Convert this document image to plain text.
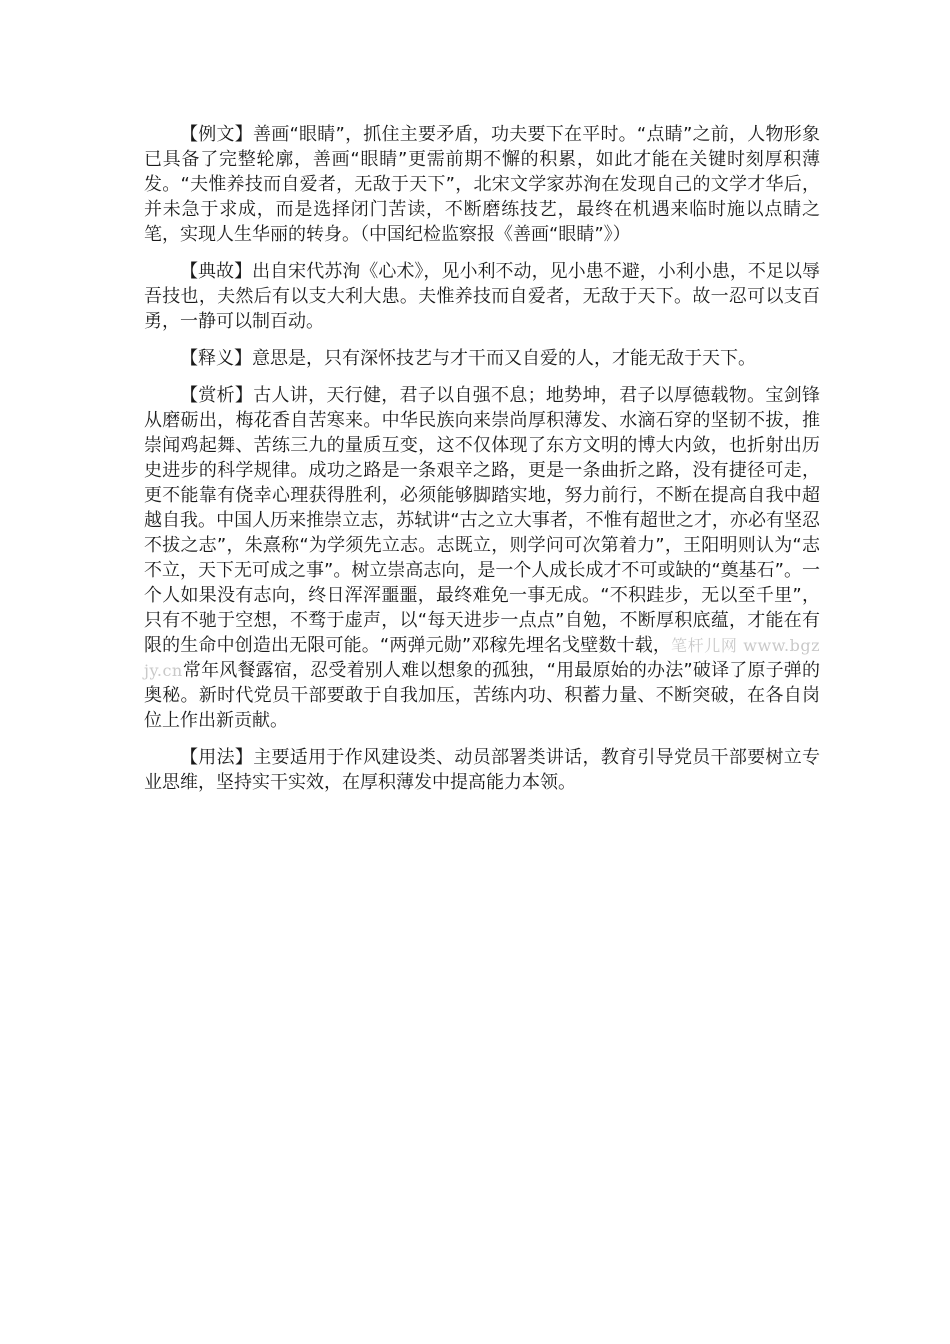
【例文】善画“眼睛”，抓住主要矛盾，功夫要下在平时。“点睛”之前，人物形象已具备了完整轮廓，善画“眼睛”更需前期不懈的积累，如此才能在关键时刻厚积薄发。“夫惟养技而自爱者，无敌于天下”，北宋文学家苏洵在发现自己的文学才华后，并未急于求成，而是选择闭门苦读，不断磨练技艺，最终在机遇来临时施以点睛之笔，实现人生华丽的转身。（中国纪检监察报《善画“眼睛”》）

【典故】出自宋代苏洵《心术》，见小利不动，见小患不避，小利小患，不足以辱吾技也，夫然后有以支大利大患。夫惟养技而自爱者，无敌于天下。故一忍可以支百勇，一静可以制百动。

【释义】意思是，只有深怀技艺与才干而又自爱的人，才能无敌于天下。

【赏析】古人讲，天行健，君子以自强不息；地势坤，君子以厚德载物。宝剑锋从磨砺出，梅花香自苦寒来。中华民族向来崇尚厚积薄发、水滴石穿的坚韧不拔，推崇闻鸡起舞、苦练三九的量质互变，这不仅体现了东方文明的博大内敛，也折射出历史进步的科学规律。成功之路是一条艰辛之路，更是一条曲折之路，没有捷径可走，更不能靠有侥幸心理获得胜利，必须能够脚踏实地，努力前行，不断在提高自我中超越自我。中国人历来推崇立志，苏轼讲“古之立大事者，不惟有超世之才，亦必有坚忍不拔之志”，朱熹称“为学须先立志。志既立，则学问可次第着力”，王阳明则认为“志不立，天下无可成之事”。树立崇高志向，是一个人成长成才不可或缺的“奠基石”。一个人如果没有志向，终日浑浑噩噩，最终难免一事无成。“不积跬步，无以至千里”，只有不驰于空想，不骛于虚声，以“每天进步一点点”自勉，不断厚积底蕴，才能在有限的生命中创造出无限可能。“两弹元勋”邓稼先埋名戈壁数十载，笔杆儿网 www.bgzjy.cn常年风餐露宿，忍受着别人难以想象的孤独，“用最原始的办法”破译了原子弹的奥秘。新时代党员干部要敢于自我加压，苦练内功、积蓄力量、不断突破，在各自岗位上作出新贡献。

【用法】主要适用于作风建设类、动员部署类讲话，教育引导党员干部要树立专业思维，坚持实干实效，在厚积薄发中提高能力本领。
